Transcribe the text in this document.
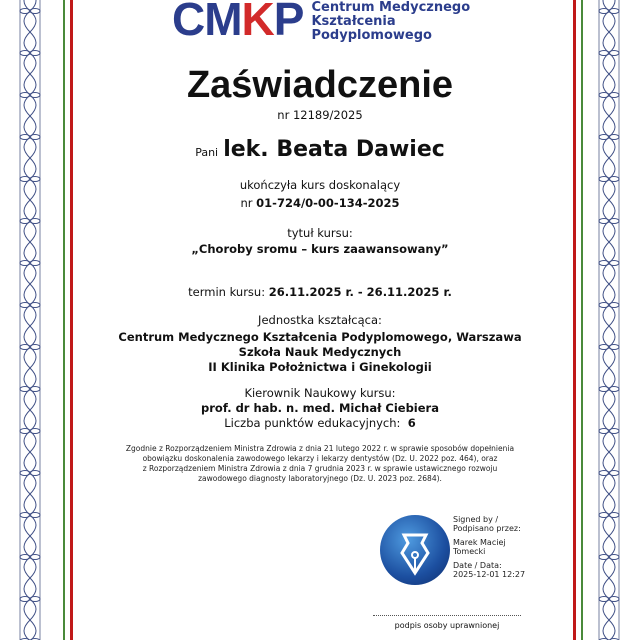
CMKP Centrum Medycznego
Kształcenia
Podyplomowego
Zaświadczenie
nr 12189/2025
Pani lek. Beata Dawiec
ukończyła kurs doskonalący
nr 01-724/0-00-134-2025
tytuł kursu:
„Choroby sromu – kurs zaawansowany”
termin kursu: 26.11.2025 r. - 26.11.2025 r.
Jednostka kształcąca:
Centrum Medycznego Kształcenia Podyplomowego, Warszawa
Szkoła Nauk Medycznych
II Klinika Położnictwa i Ginekologii
Kierownik Naukowy kursu:
prof. dr hab. n. med. Michał Ciebiera
Liczba punktów edukacyjnych: 6
Zgodnie z Rozporządzeniem Ministra Zdrowia z dnia 21 lutego 2022 r. w sprawie sposobów dopełnienia
obowiązku doskonalenia zawodowego lekarzy i lekarzy dentystów (Dz. U. 2022 poz. 464), oraz
z Rozporządzeniem Ministra Zdrowia z dnia 7 grudnia 2023 r. w sprawie ustawicznego rozwoju
zawodowego diagnosty laboratoryjnego (Dz. U. 2023 poz. 2684).
Signed by / Podpisano przez:
Marek Maciej Tomecki
Date / Data:
2025-12-01 12:27
podpis osoby uprawnionej
